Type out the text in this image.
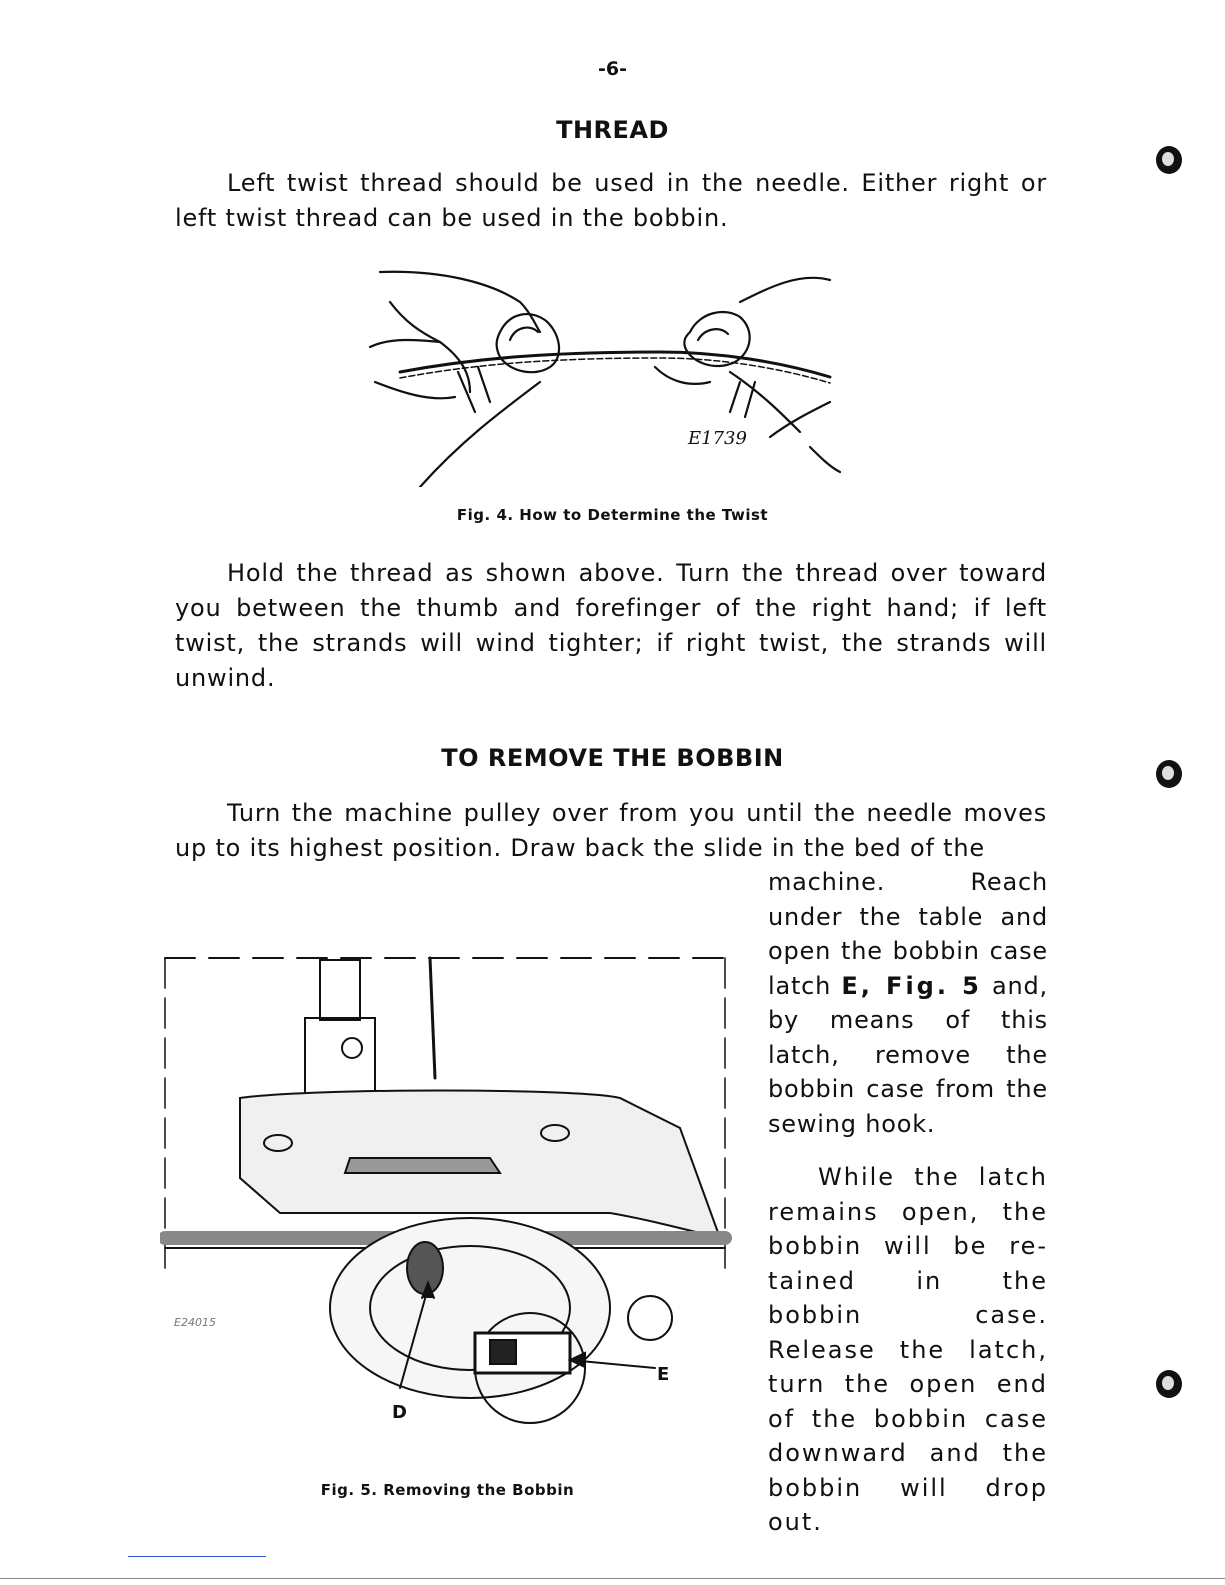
-6-
THREAD

Left twist thread should be used in the needle. Either right or left twist thread can be used in the bobbin.

E1739
Fig. 4. How to Determine the Twist

Hold the thread as shown above. Turn the thread over toward you between the thumb and forefinger of the right hand; if left twist, the strands will wind tighter; if right twist, the strands will unwind.

TO REMOVE THE BOBBIN

Turn the machine pulley over from you until the needle moves up to its highest position. Draw back the slide in the bed of the

machine. Reach under the table and open the bobbin case latch E, Fig. 5 and, by means of this latch, remove the bobbin case from the sewing hook.

While the latch remains open, the bobbin will be re-tained in the bobbin case. Release the latch, turn the open end of the bobbin case downward and the bobbin will drop out.

E24015
D
E
Fig. 5. Removing the Bobbin
